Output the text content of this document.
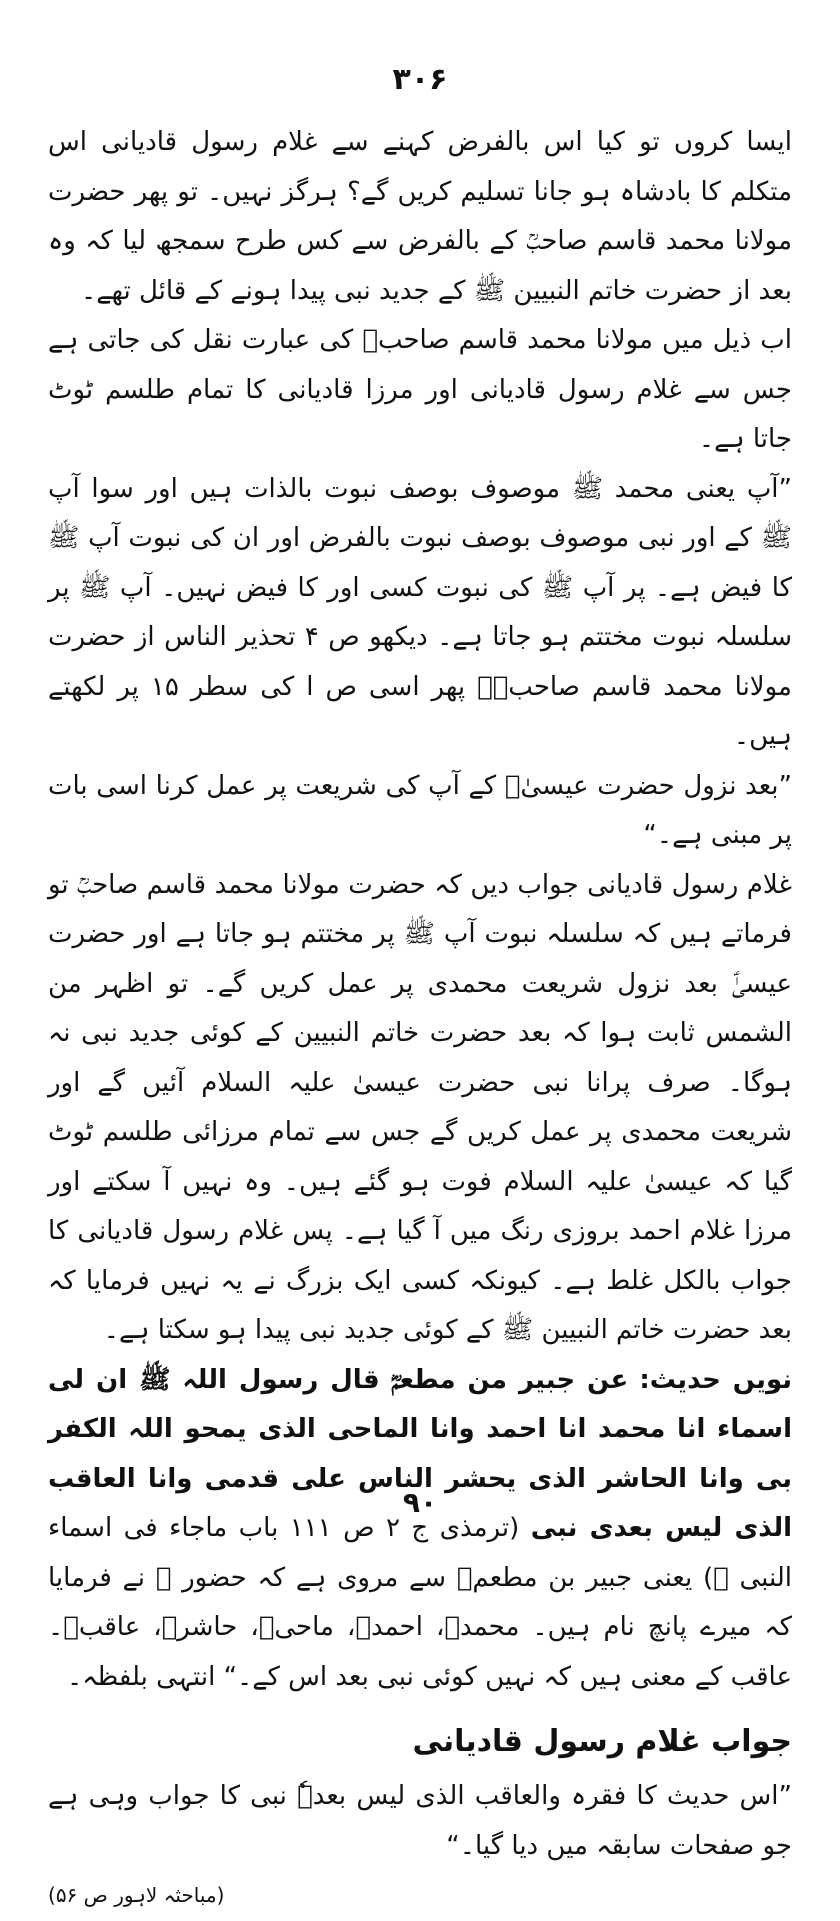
۳۰۶

ایسا کروں تو کیا اس بالفرض کہنے سے غلام رسول قادیانی اس متکلم کا بادشاہ ہو جانا تسلیم کریں گے؟ ہرگز نہیں۔ تو پھر حضرت مولانا محمد قاسم صاحبؒ کے بالفرض سے کس طرح سمجھ لیا کہ وہ بعد از حضرت خاتم النبیین ﷺ کے جدید نبی پیدا ہونے کے قائل تھے۔

اب ذیل میں مولانا محمد قاسم صاحبؒ کی عبارت نقل کی جاتی ہے جس سے غلام رسول قادیانی اور مرزا قادیانی کا تمام طلسم ٹوٹ جاتا ہے۔

”آپ یعنی محمد ﷺ موصوف بوصف نبوت بالذات ہیں اور سوا آپ ﷺ کے اور نبی موصوف بوصف نبوت بالفرض اور ان کی نبوت آپ ﷺ کا فیض ہے۔ پر آپ ﷺ کی نبوت کسی اور کا فیض نہیں۔ آپ ﷺ پر سلسلہ نبوت مختتم ہو جاتا ہے۔ دیکھو ص ۴ تحذیر الناس از حضرت مولانا محمد قاسم صاحبؒ۔ پھر اسی ص ا کی سطر ۱۵ پر لکھتے ہیں۔

”بعد نزول حضرت عیسیٰؑ کے آپ کی شریعت پر عمل کرنا اسی بات پر مبنی ہے۔“

غلام رسول قادیانی جواب دیں کہ حضرت مولانا محمد قاسم صاحبؒ تو فرماتے ہیں کہ سلسلہ نبوت آپ ﷺ پر مختتم ہو جاتا ہے اور حضرت عیسیٰؑ بعد نزول شریعت محمدی پر عمل کریں گے۔ تو اظہر من الشمس ثابت ہوا کہ بعد حضرت خاتم النبیین کے کوئی جدید نبی نہ ہوگا۔ صرف پرانا نبی حضرت عیسیٰ علیہ السلام آئیں گے اور شریعت محمدی پر عمل کریں گے جس سے تمام مرزائی طلسم ٹوٹ گیا کہ عیسیٰ علیہ السلام فوت ہو گئے ہیں۔ وہ نہیں آ سکتے اور مرزا غلام احمد بروزی رنگ میں آ گیا ہے۔ پس غلام رسول قادیانی کا جواب بالکل غلط ہے۔ کیونکہ کسی ایک بزرگ نے یہ نہیں فرمایا کہ بعد حضرت خاتم النبیین ﷺ کے کوئی جدید نبی پیدا ہو سکتا ہے۔

نویں حدیث: عن جبیر من مطعمؓ قال رسول اللہ ﷺ ان لی اسماء انا محمد انا احمد وانا الماحی الذی یمحو اللہ الکفر بی وانا الحاشر الذی یحشر الناس علی قدمی وانا العاقب الذی لیس بعدی نبی (ترمذی ج ۲ ص ۱۱۱ باب ماجاء فی اسماء النبی ﷺ) یعنی جبیر بن مطعمؓ سے مروی ہے کہ حضور ﷺ نے فرمایا کہ میرے پانچ نام ہیں۔ محمدؐ، احمدؐ، ماحیؐ، حاشرؐ، عاقبؐ۔ عاقب کے معنی ہیں کہ نہیں کوئی نبی بعد اس کے۔“ انتہی بلفظہ۔

جواب غلام رسول قادیانی

”اس حدیث کا فقرہ والعاقب الذی لیس بعدہٗ نبی کا جواب وہی ہے جو صفحات سابقہ میں دیا گیا۔“

(مباحثہ لاہور ص ۵۶)
۹۰
